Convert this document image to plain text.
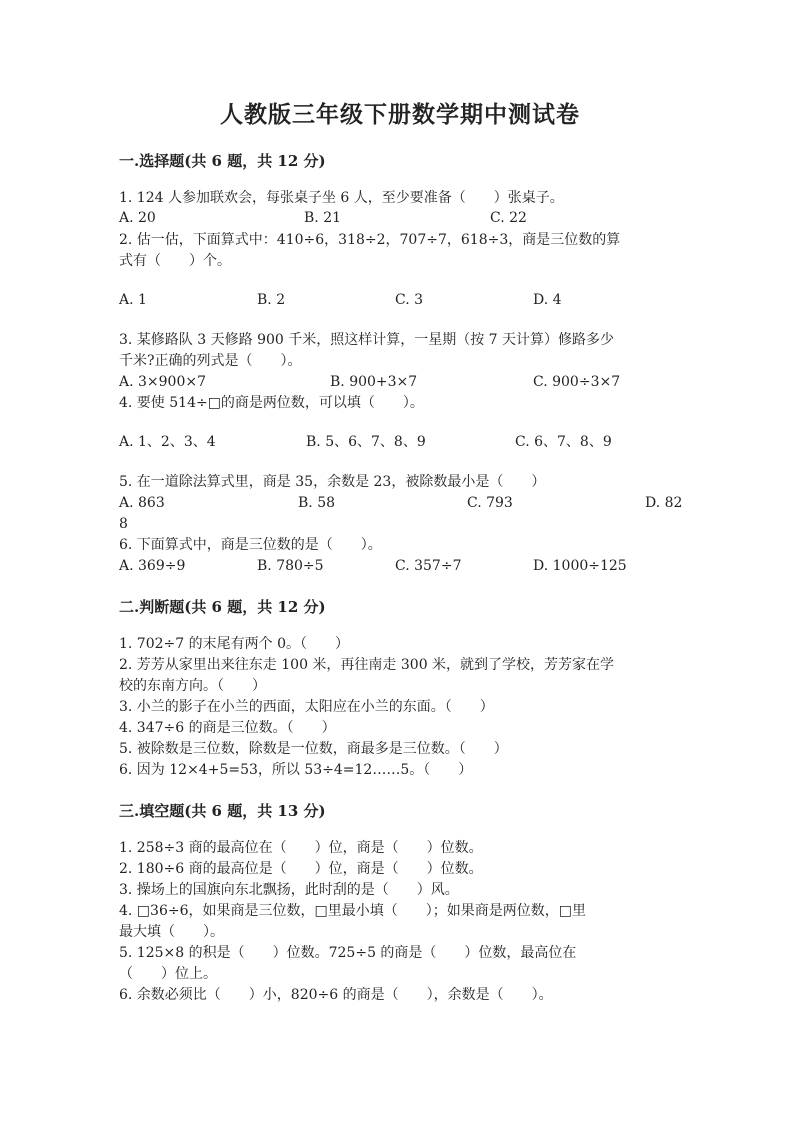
人教版三年级下册数学期中测试卷
一.选择题(共 6 题，共 12 分)
1. 124 人参加联欢会，每张桌子坐 6 人，至少要准备（　　）张桌子。
A. 20	B. 21	C. 22
2. 估一估，下面算式中：410÷6，318÷2，707÷7，618÷3，商是三位数的算
式有（　　）个。
A. 1	B. 2	C. 3	D. 4
3. 某修路队 3 天修路 900 千米，照这样计算，一星期（按 7 天计算）修路多少
千米?正确的列式是（　　）。
A. 3×900×7	B. 900+3×7	C. 900÷3×7
4. 要使 514÷□的商是两位数，可以填（　　）。
A. 1、2、3、4	B. 5、6、7、8、9	C. 6、7、8、9
5. 在一道除法算式里，商是 35，余数是 23，被除数最小是（　　）
A. 863	B. 58	C. 793	D. 82
8
6. 下面算式中，商是三位数的是（　　）。
A. 369÷9	B. 780÷5	C. 357÷7	D. 1000÷125
二.判断题(共 6 题，共 12 分)
1. 702÷7 的末尾有两个 0。（　　）
2. 芳芳从家里出来往东走 100 米，再往南走 300 米，就到了学校，芳芳家在学
校的东南方向。（　　）
3. 小兰的影子在小兰的西面，太阳应在小兰的东面。（　　）
4. 347÷6 的商是三位数。（　　）
5. 被除数是三位数，除数是一位数，商最多是三位数。（　　）
6. 因为 12×4+5=53，所以 53÷4=12……5。（　　）
三.填空题(共 6 题，共 13 分)
1. 258÷3 商的最高位在（　　）位，商是（　　）位数。
2. 180÷6 商的最高位是（　　）位，商是（　　）位数。
3. 操场上的国旗向东北飘扬，此时刮的是（　　）风。
4. □36÷6，如果商是三位数，□里最小填（　　）；如果商是两位数，□里
最大填（　　）。
5. 125×8 的积是（　　）位数。725÷5 的商是（　　）位数，最高位在
（　　）位上。
6. 余数必须比（　　）小，820÷6 的商是（　　），余数是（　　）。
